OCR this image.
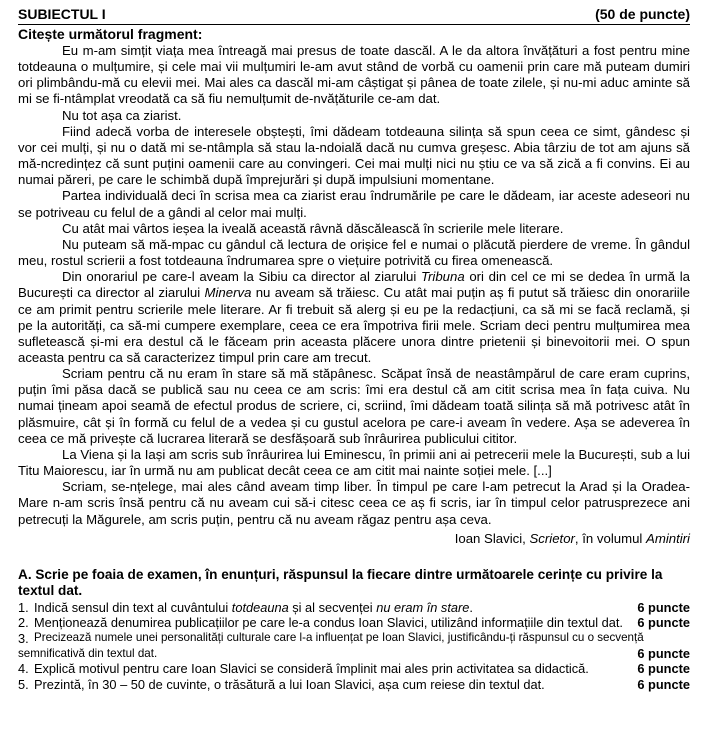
SUBIECTUL I	(50 de puncte)
Citește următorul fragment:

Eu m-am simțit viața mea întreagă mai presus de toate dascăl. A le da altora învățături a fost pentru mine totdeauna o mulțumire, și cele mai vii mulțumiri le-am avut stând de vorbă cu oamenii prin care mă puteam dumiri ori plimbându-mă cu elevii mei. Mai ales ca dascăl mi-am câștigat și pânea de toate zilele, și nu-mi aduc aminte să mi se fi-ntâmplat vreodată ca să fiu nemulțumit de-nvățăturile ce-am dat.

Nu tot așa ca ziarist.

Fiind adecă vorba de interesele obștești, îmi dădeam totdeauna silința să spun ceea ce simt, gândesc și vor cei mulți, și nu o dată mi se-ntâmpla să stau la-ndoială dacă nu cumva greșesc. Abia târziu de tot am ajuns să mă-ncredințez că sunt puțini oamenii care au convingeri. Cei mai mulți nici nu știu ce va să zică a fi convins. Ei au numai păreri, pe care le schimbă după împrejurări și după impulsiuni momentane.

Partea individuală deci în scrisa mea ca ziarist erau îndrumările pe care le dădeam, iar aceste adeseori nu se potriveau cu felul de a gândi al celor mai mulți.

Cu atât mai vârtos ieșea la iveală această râvnă dăscălească în scrierile mele literare.

Nu puteam să mă-mpac cu gândul că lectura de orișice fel e numai o plăcută pierdere de vreme. În gândul meu, rostul scrierii a fost totdeauna îndrumarea spre o viețuire potrivită cu firea omenească.

Din onorariul pe care-l aveam la Sibiu ca director al ziarului Tribuna ori din cel ce mi se dedea în urmă la București ca director al ziarului Minerva nu aveam să trăiesc. Cu atât mai puțin aș fi putut să trăiesc din onorariile ce am primit pentru scrierile mele literare. Ar fi trebuit să alerg și eu pe la redacțiuni, ca să mi se facă reclamă, și pe la autorități, ca să-mi cumpere exemplare, ceea ce era împotriva firii mele. Scriam deci pentru mulțumirea mea sufletească și-mi era destul că le făceam prin aceasta plăcere unora dintre prietenii și binevoitorii mei. O spun aceasta pentru ca să caracterizez timpul prin care am trecut.

Scriam pentru că nu eram în stare să mă stăpânesc. Scăpat însă de neastâmpărul de care eram cuprins, puțin îmi păsa dacă se publică sau nu ceea ce am scris: îmi era destul că am citit scrisa mea în fața cuiva. Nu numai țineam apoi seamă de efectul produs de scriere, ci, scriind, îmi dădeam toată silința să mă potrivesc atât în plăsmuire, cât și în formă cu felul de a vedea și cu gustul acelora pe care-i aveam în vedere. Așa se adeverea în ceea ce mă privește că lucrarea literară se desfășoară sub înrâurirea publicului cititor.

La Viena și la Iași am scris sub înrâurirea lui Eminescu, în primii ani ai petrecerii mele la București, sub a lui Titu Maiorescu, iar în urmă nu am publicat decât ceea ce am citit mai nainte soției mele. [...]

Scriam, se-nțelege, mai ales când aveam timp liber. În timpul pe care l-am petrecut la Arad și la Oradea-Mare n-am scris însă pentru că nu aveam cui să-i citesc ceea ce aș fi scris, iar în timpul celor patrusprezece ani petrecuți la Măgurele, am scris puțin, pentru că nu aveam răgaz pentru așa ceva.

Ioan Slavici, Scrietor, în volumul Amintiri
A. Scrie pe foaia de examen, în enunțuri, răspunsul la fiecare dintre următoarele cerințe cu privire la textul dat.
1. Indică sensul din text al cuvântului totdeauna și al secvenței nu eram în stare.	6 puncte
2. Menționează denumirea publicațiilor pe care le-a condus Ioan Slavici, utilizând informațiile din textul dat.	6 puncte
3. Precizează numele unei personalități culturale care l-a influențat pe Ioan Slavici, justificându-ți răspunsul cu o secvență
semnificativă din textul dat.	6 puncte
4. Explică motivul pentru care Ioan Slavici se consideră împlinit mai ales prin activitatea sa didactică.	6 puncte
5. Prezintă, în 30 – 50 de cuvinte, o trăsătură a lui Ioan Slavici, așa cum reiese din textul dat.	6 puncte
